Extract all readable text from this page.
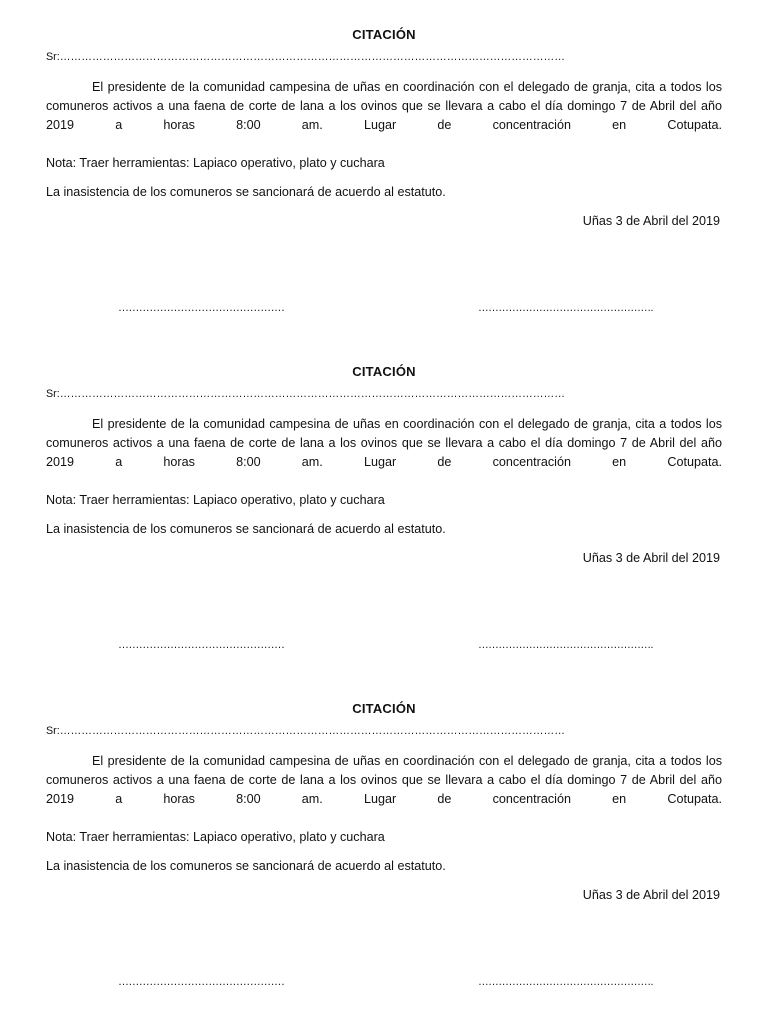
CITACIÓN
Sr:……………………………………………………………………………………………………………………………
El presidente de la comunidad campesina de uñas en coordinación con el delegado de granja, cita a todos los comuneros activos a una faena de corte de lana a los ovinos que se llevara a cabo el día domingo 7 de Abril del año 2019 a horas 8:00 am. Lugar de concentración en Cotupata.
Nota: Traer herramientas: Lapiaco operativo, plato y cuchara
La inasistencia de los comuneros se sancionará de acuerdo al estatuto.
Uñas 3 de Abril del 2019
…………………………………………	…………………………………………….
CITACIÓN
Sr:……………………………………………………………………………………………………………………………
El presidente de la comunidad campesina de uñas en coordinación con el delegado de granja, cita a todos los comuneros activos a una faena de corte de lana a los ovinos que se llevara a cabo el día domingo 7 de Abril del año 2019 a horas 8:00 am. Lugar de concentración en Cotupata.
Nota: Traer herramientas: Lapiaco operativo, plato y cuchara
La inasistencia de los comuneros se sancionará de acuerdo al estatuto.
Uñas 3 de Abril del 2019
…………………………………………	…………………………………………….
CITACIÓN
Sr:……………………………………………………………………………………………………………………………
El presidente de la comunidad campesina de uñas en coordinación con el delegado de granja, cita a todos los comuneros activos a una faena de corte de lana a los ovinos que se llevara a cabo el día domingo 7 de Abril del año 2019 a horas 8:00 am. Lugar de concentración en Cotupata.
Nota: Traer herramientas: Lapiaco operativo, plato y cuchara
La inasistencia de los comuneros se sancionará de acuerdo al estatuto.
Uñas 3 de Abril del 2019
…………………………………………	…………………………………………….
